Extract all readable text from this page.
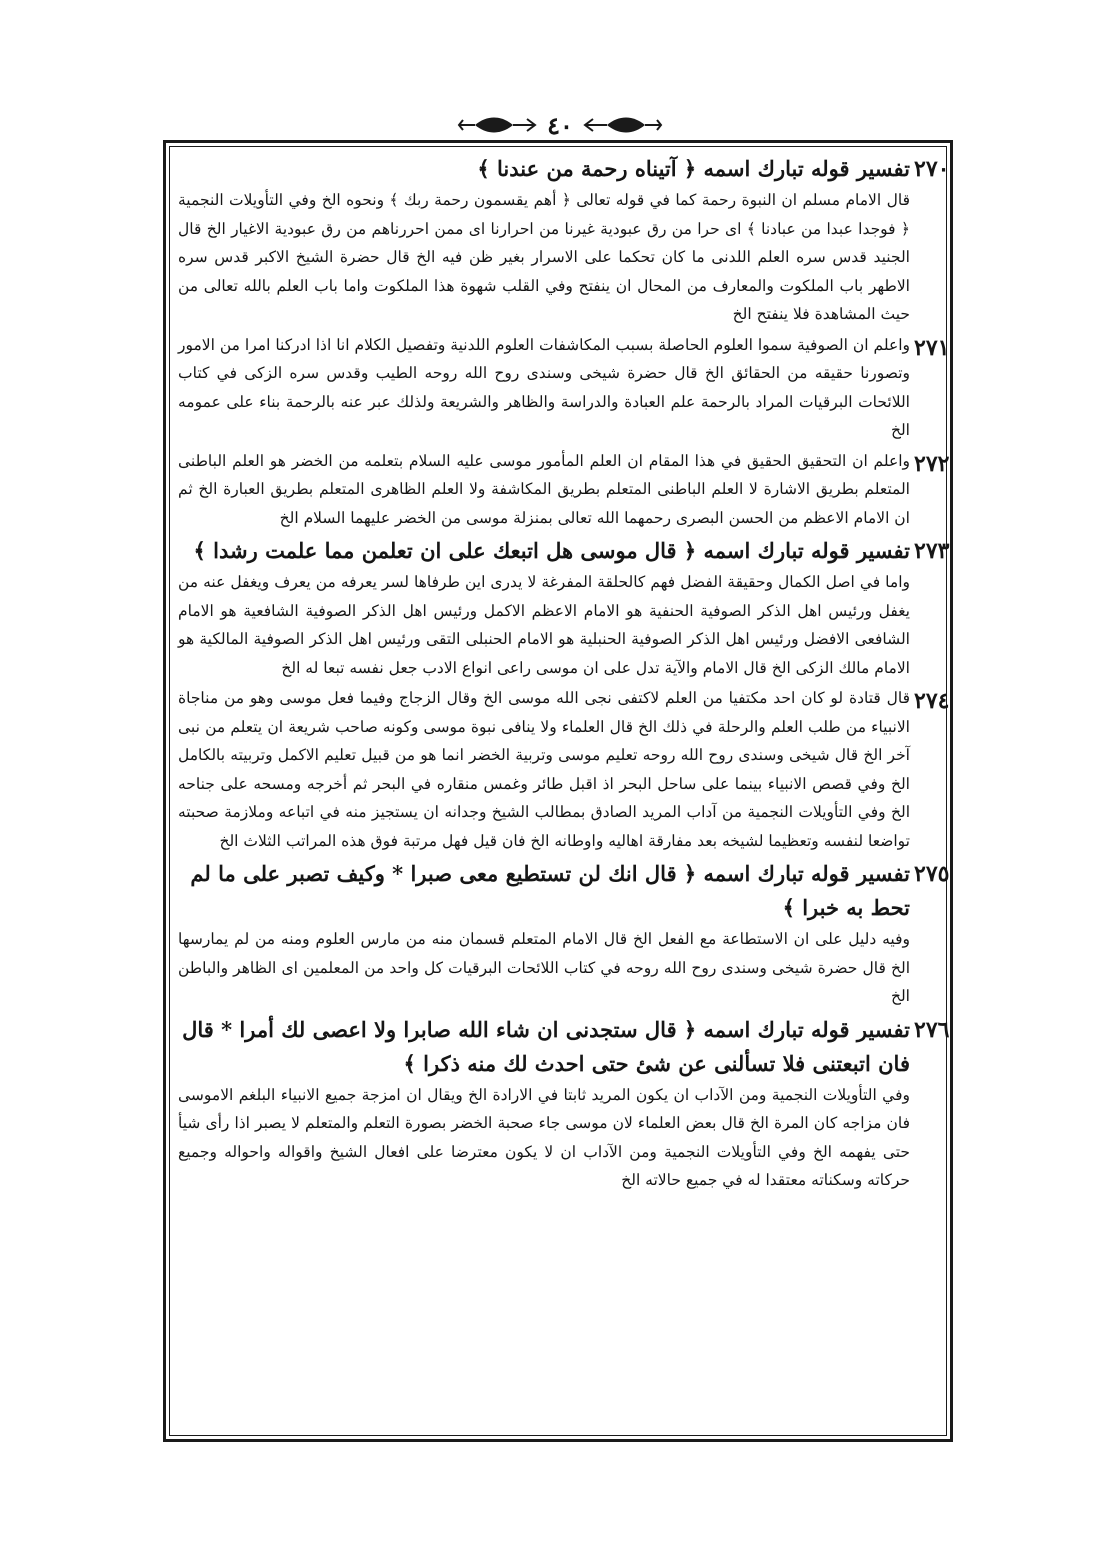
٤٠
٢٧٠
تفسير قوله تبارك اسمه ﴿ آتيناه رحمة من عندنا ﴾
قال الامام مسلم ان النبوة رحمة كما في قوله تعالى ﴿ أهم يقسمون رحمة ربك ﴾ ونحوه الخ وفي التأويلات النجمية ﴿ فوجدا عبدا من عبادنا ﴾ اى حرا من رق عبودية غيرنا من احرارنا اى ممن احررناهم من رق عبودية الاغيار الخ قال الجنيد قدس سره العلم اللدنى ما كان تحكما على الاسرار بغير ظن فيه الخ قال حضرة الشيخ الاكبر قدس سره الاطهر باب الملكوت والمعارف من المحال ان ينفتح وفي القلب شهوة هذا الملكوت واما باب العلم بالله تعالى من حيث المشاهدة فلا ينفتح الخ
٢٧١
واعلم ان الصوفية سموا العلوم الحاصلة بسبب المكاشفات العلوم اللدنية وتفصيل الكلام انا اذا ادركنا امرا من الامور وتصورنا حقيقه من الحقائق الخ قال حضرة شيخى وسندى روح الله روحه الطيب وقدس سره الزكى في كتاب اللائحات البرقيات المراد بالرحمة علم العبادة والدراسة والظاهر والشريعة ولذلك عبر عنه بالرحمة بناء على عمومه الخ
٢٧٢
واعلم ان التحقيق الحقيق في هذا المقام ان العلم المأمور موسى عليه السلام بتعلمه من الخضر هو العلم الباطنى المتعلم بطريق الاشارة لا العلم الباطنى المتعلم بطريق المكاشفة ولا العلم الظاهرى المتعلم بطريق العبارة الخ ثم ان الامام الاعظم من الحسن البصرى رحمهما الله تعالى بمنزلة موسى من الخضر عليهما السلام الخ
٢٧٣
تفسير قوله تبارك اسمه ﴿ قال موسى هل اتبعك على ان تعلمن مما علمت رشدا ﴾
واما في اصل الكمال وحقيقة الفضل فهم كالحلقة المفرغة لا يدرى اين طرفاها لسر يعرفه من يعرف ويغفل عنه من يغفل ورئيس اهل الذكر الصوفية الحنفية هو الامام الاعظم الاكمل ورئيس اهل الذكر الصوفية الشافعية هو الامام الشافعى الافضل ورئيس اهل الذكر الصوفية الحنبلية هو الامام الحنبلى التقى ورئيس اهل الذكر الصوفية المالكية هو الامام مالك الزكى الخ قال الامام والآية تدل على ان موسى راعى انواع الادب جعل نفسه تبعا له الخ
٢٧٤
قال قتادة لو كان احد مكتفيا من العلم لاكتفى نجى الله موسى الخ وقال الزجاج وفيما فعل موسى وهو من مناجاة الانبياء من طلب العلم والرحلة في ذلك الخ قال العلماء ولا ينافى نبوة موسى وكونه صاحب شريعة ان يتعلم من نبى آخر الخ قال شيخى وسندى روح الله روحه تعليم موسى وتربية الخضر انما هو من قبيل تعليم الاكمل وتربيته بالكامل الخ وفي قصص الانبياء بينما على ساحل البحر اذ اقبل طائر وغمس منقاره في البحر ثم أخرجه ومسحه على جناحه الخ وفي التأويلات النجمية من آداب المريد الصادق بمطالب الشيخ وجدانه ان يستجيز منه في اتباعه وملازمة صحبته تواضعا لنفسه وتعظيما لشيخه بعد مفارقة اهاليه واوطانه الخ فان قيل فهل مرتبة فوق هذه المراتب الثلاث الخ
٢٧٥
تفسير قوله تبارك اسمه ﴿ قال انك لن تستطيع معى صبرا * وكيف تصبر على ما لم تحط به خبرا ﴾
وفيه دليل على ان الاستطاعة مع الفعل الخ قال الامام المتعلم قسمان منه من مارس العلوم ومنه من لم يمارسها الخ قال حضرة شيخى وسندى روح الله روحه في كتاب اللائحات البرقيات كل واحد من المعلمين اى الظاهر والباطن الخ
٢٧٦
تفسير قوله تبارك اسمه ﴿ قال ستجدنى ان شاء الله صابرا ولا اعصى لك أمرا * قال فان اتبعتنى فلا تسألنى عن شئ حتى احدث لك منه ذكرا ﴾
وفي التأويلات النجمية ومن الآداب ان يكون المريد ثابتا في الارادة الخ ويقال ان امزجة جميع الانبياء البلغم الاموسى فان مزاجه كان المرة الخ قال بعض العلماء لان موسى جاء صحبة الخضر بصورة التعلم والمتعلم لا يصبر اذا رأى شيأ حتى يفهمه الخ وفي التأويلات النجمية ومن الآداب ان لا يكون معترضا على افعال الشيخ واقواله واحواله وجميع حركاته وسكناته معتقدا له في جميع حالاته الخ
